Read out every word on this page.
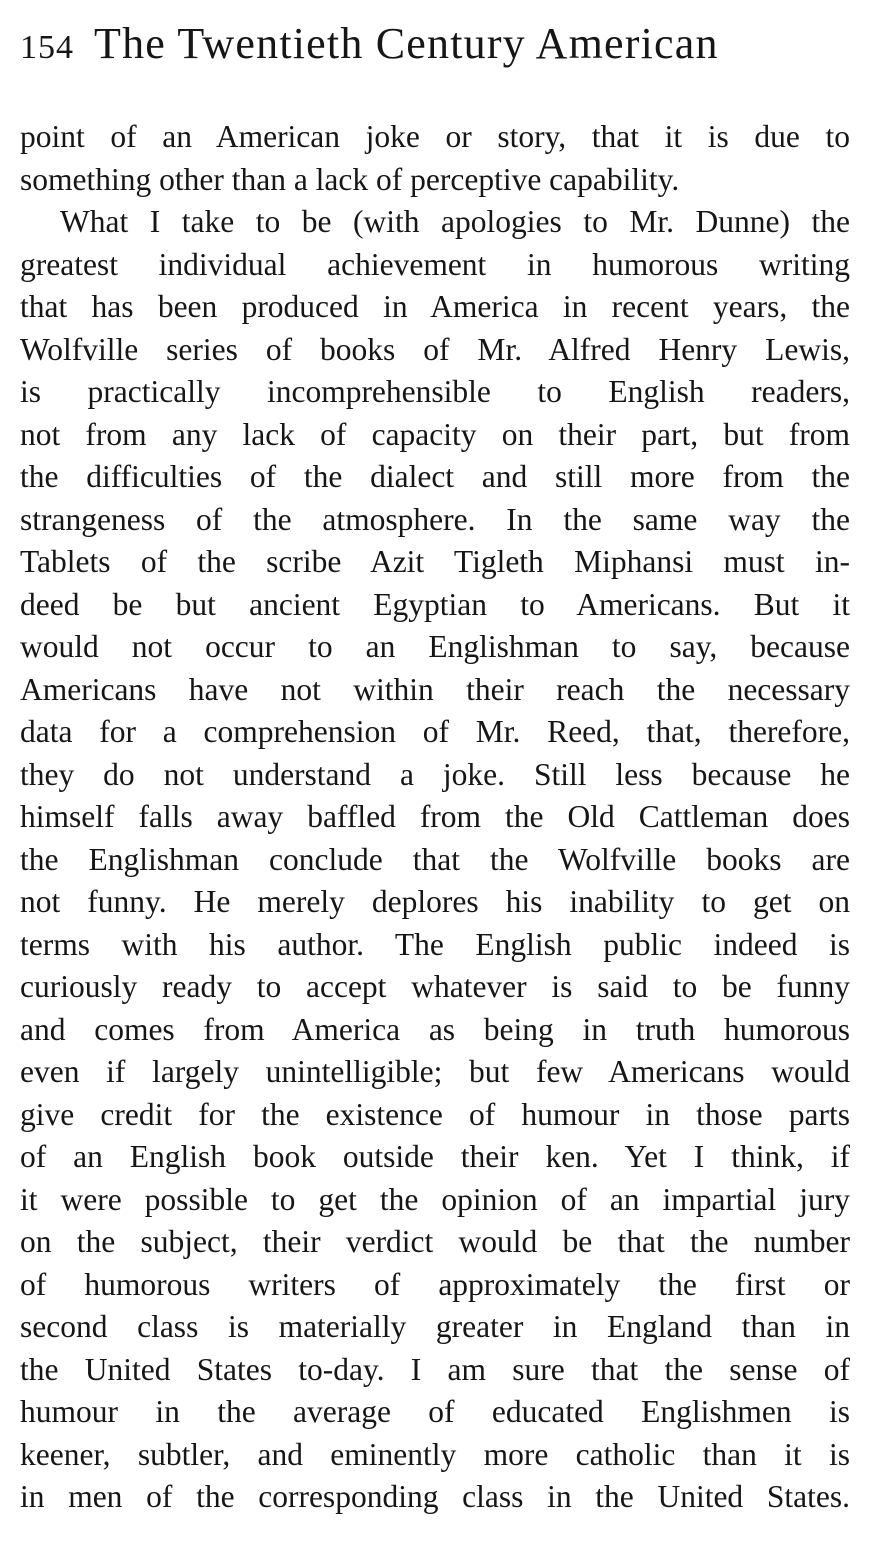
154 The Twentieth Century American
point of an American joke or story, that it is due to
something other than a lack of perceptive capability.
What I take to be (with apologies to Mr. Dunne) the
greatest individual achievement in humorous writing
that has been produced in America in recent years, the
Wolfville series of books of Mr. Alfred Henry Lewis,
is practically incomprehensible to English readers,
not from any lack of capacity on their part, but from
the difficulties of the dialect and still more from the
strangeness of the atmosphere. In the same way the
Tablets of the scribe Azit Tigleth Miphansi must in-
deed be but ancient Egyptian to Americans. But it
would not occur to an Englishman to say, because
Americans have not within their reach the necessary
data for a comprehension of Mr. Reed, that, therefore,
they do not understand a joke. Still less because he
himself falls away baffled from the Old Cattleman does
the Englishman conclude that the Wolfville books are
not funny. He merely deplores his inability to get on
terms with his author. The English public indeed is
curiously ready to accept whatever is said to be funny
and comes from America as being in truth humorous
even if largely unintelligible; but few Americans would
give credit for the existence of humour in those parts
of an English book outside their ken. Yet I think, if
it were possible to get the opinion of an impartial jury
on the subject, their verdict would be that the number
of humorous writers of approximately the first or
second class is materially greater in England than in
the United States to-day. I am sure that the sense of
humour in the average of educated Englishmen is
keener, subtler, and eminently more catholic than it is
in men of the corresponding class in the United States.
